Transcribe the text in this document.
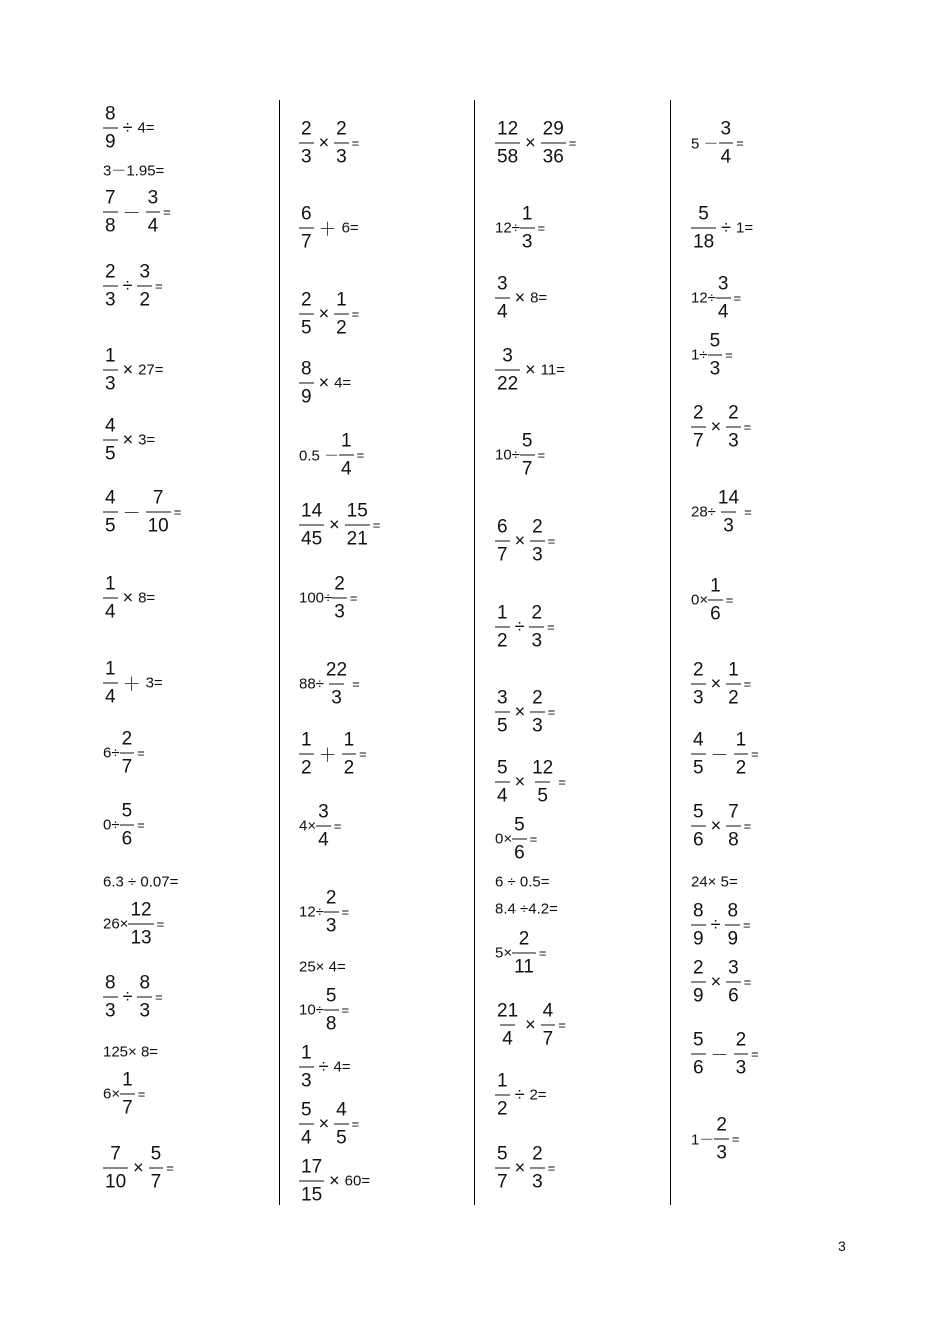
$\frac{8}{9} \div 4=$
3－1.95=
$\frac{7}{8} - \frac{3}{4}$ =
$\frac{2}{3} \div \frac{3}{2}$ =
$\frac{1}{3} \times 27=$
$\frac{4}{5} \times 3=$
$\frac{4}{5} - \frac{7}{10}$ =
$\frac{1}{4} \times 8=$
$\frac{1}{4} + 3=$
$6\div \frac{2}{7}$ =
$0\div \frac{5}{6}$ =
6.3 ÷ 0.07=
$26\times \frac{12}{13}$ =
$\frac{8}{3} \div \frac{8}{3}$ =
125× 8=
$6\times \frac{1}{7}$ =
$\frac{7}{10} \times \frac{5}{7}$ =
$\frac{2}{3} \times \frac{2}{3}$ =
$\frac{6}{7} + 6=$
$\frac{2}{5} \times \frac{1}{2}$ =
$\frac{8}{9} \times 4=$
$0.5 - \frac{1}{4}$ =
$\frac{14}{45} \times \frac{15}{21}$ =
$100\div \frac{2}{3}$ =
$88\div \frac{22}{3}$ =
$\frac{1}{2} + \frac{1}{2}$ =
$4\times \frac{3}{4}$ =
$12\div \frac{2}{3}$ =
25× 4=
$10\div \frac{5}{8}$ =
$\frac{1}{3} \div 4=$
$\frac{5}{4} \times \frac{4}{5}$ =
$\frac{17}{15} \times 60=$
$\frac{12}{58} \times \frac{29}{36}$ =
$12\div \frac{1}{3}$ =
$\frac{3}{4} \times 8=$
$\frac{3}{22} \times 11=$
$10\div \frac{5}{7}$ =
$\frac{6}{7} \times \frac{2}{3}$ =
$\frac{1}{2} \div \frac{2}{3}$ =
$\frac{3}{5} \times \frac{2}{3}$ =
$\frac{5}{4} \times \frac{12}{5}$ =
$0\times \frac{5}{6}$ =
6 ÷ 0.5=
8.4 ÷4.2=
$5\times \frac{2}{11}$ =
$\frac{21}{4} \times \frac{4}{7}$ =
$\frac{1}{2} \div 2=$
$\frac{5}{7} \times \frac{2}{3}$ =
$5 - \frac{3}{4}$ =
$\frac{5}{18} \div 1=$
$12\div \frac{3}{4}$ =
$1\div \frac{5}{3}$ =
$\frac{2}{7} \times \frac{2}{3}$ =
$28\div \frac{14}{3}$ =
$0\times \frac{1}{6}$ =
$\frac{2}{3} \times \frac{1}{2}$ =
$\frac{4}{5} - \frac{1}{2}$ =
$\frac{5}{6} \times \frac{7}{8}$ =
24× 5=
$\frac{8}{9} \div \frac{8}{9}$ =
$\frac{2}{9} \times \frac{3}{6}$ =
$\frac{5}{6} - \frac{2}{3}$ =
$1- \frac{2}{3}$ =
3
